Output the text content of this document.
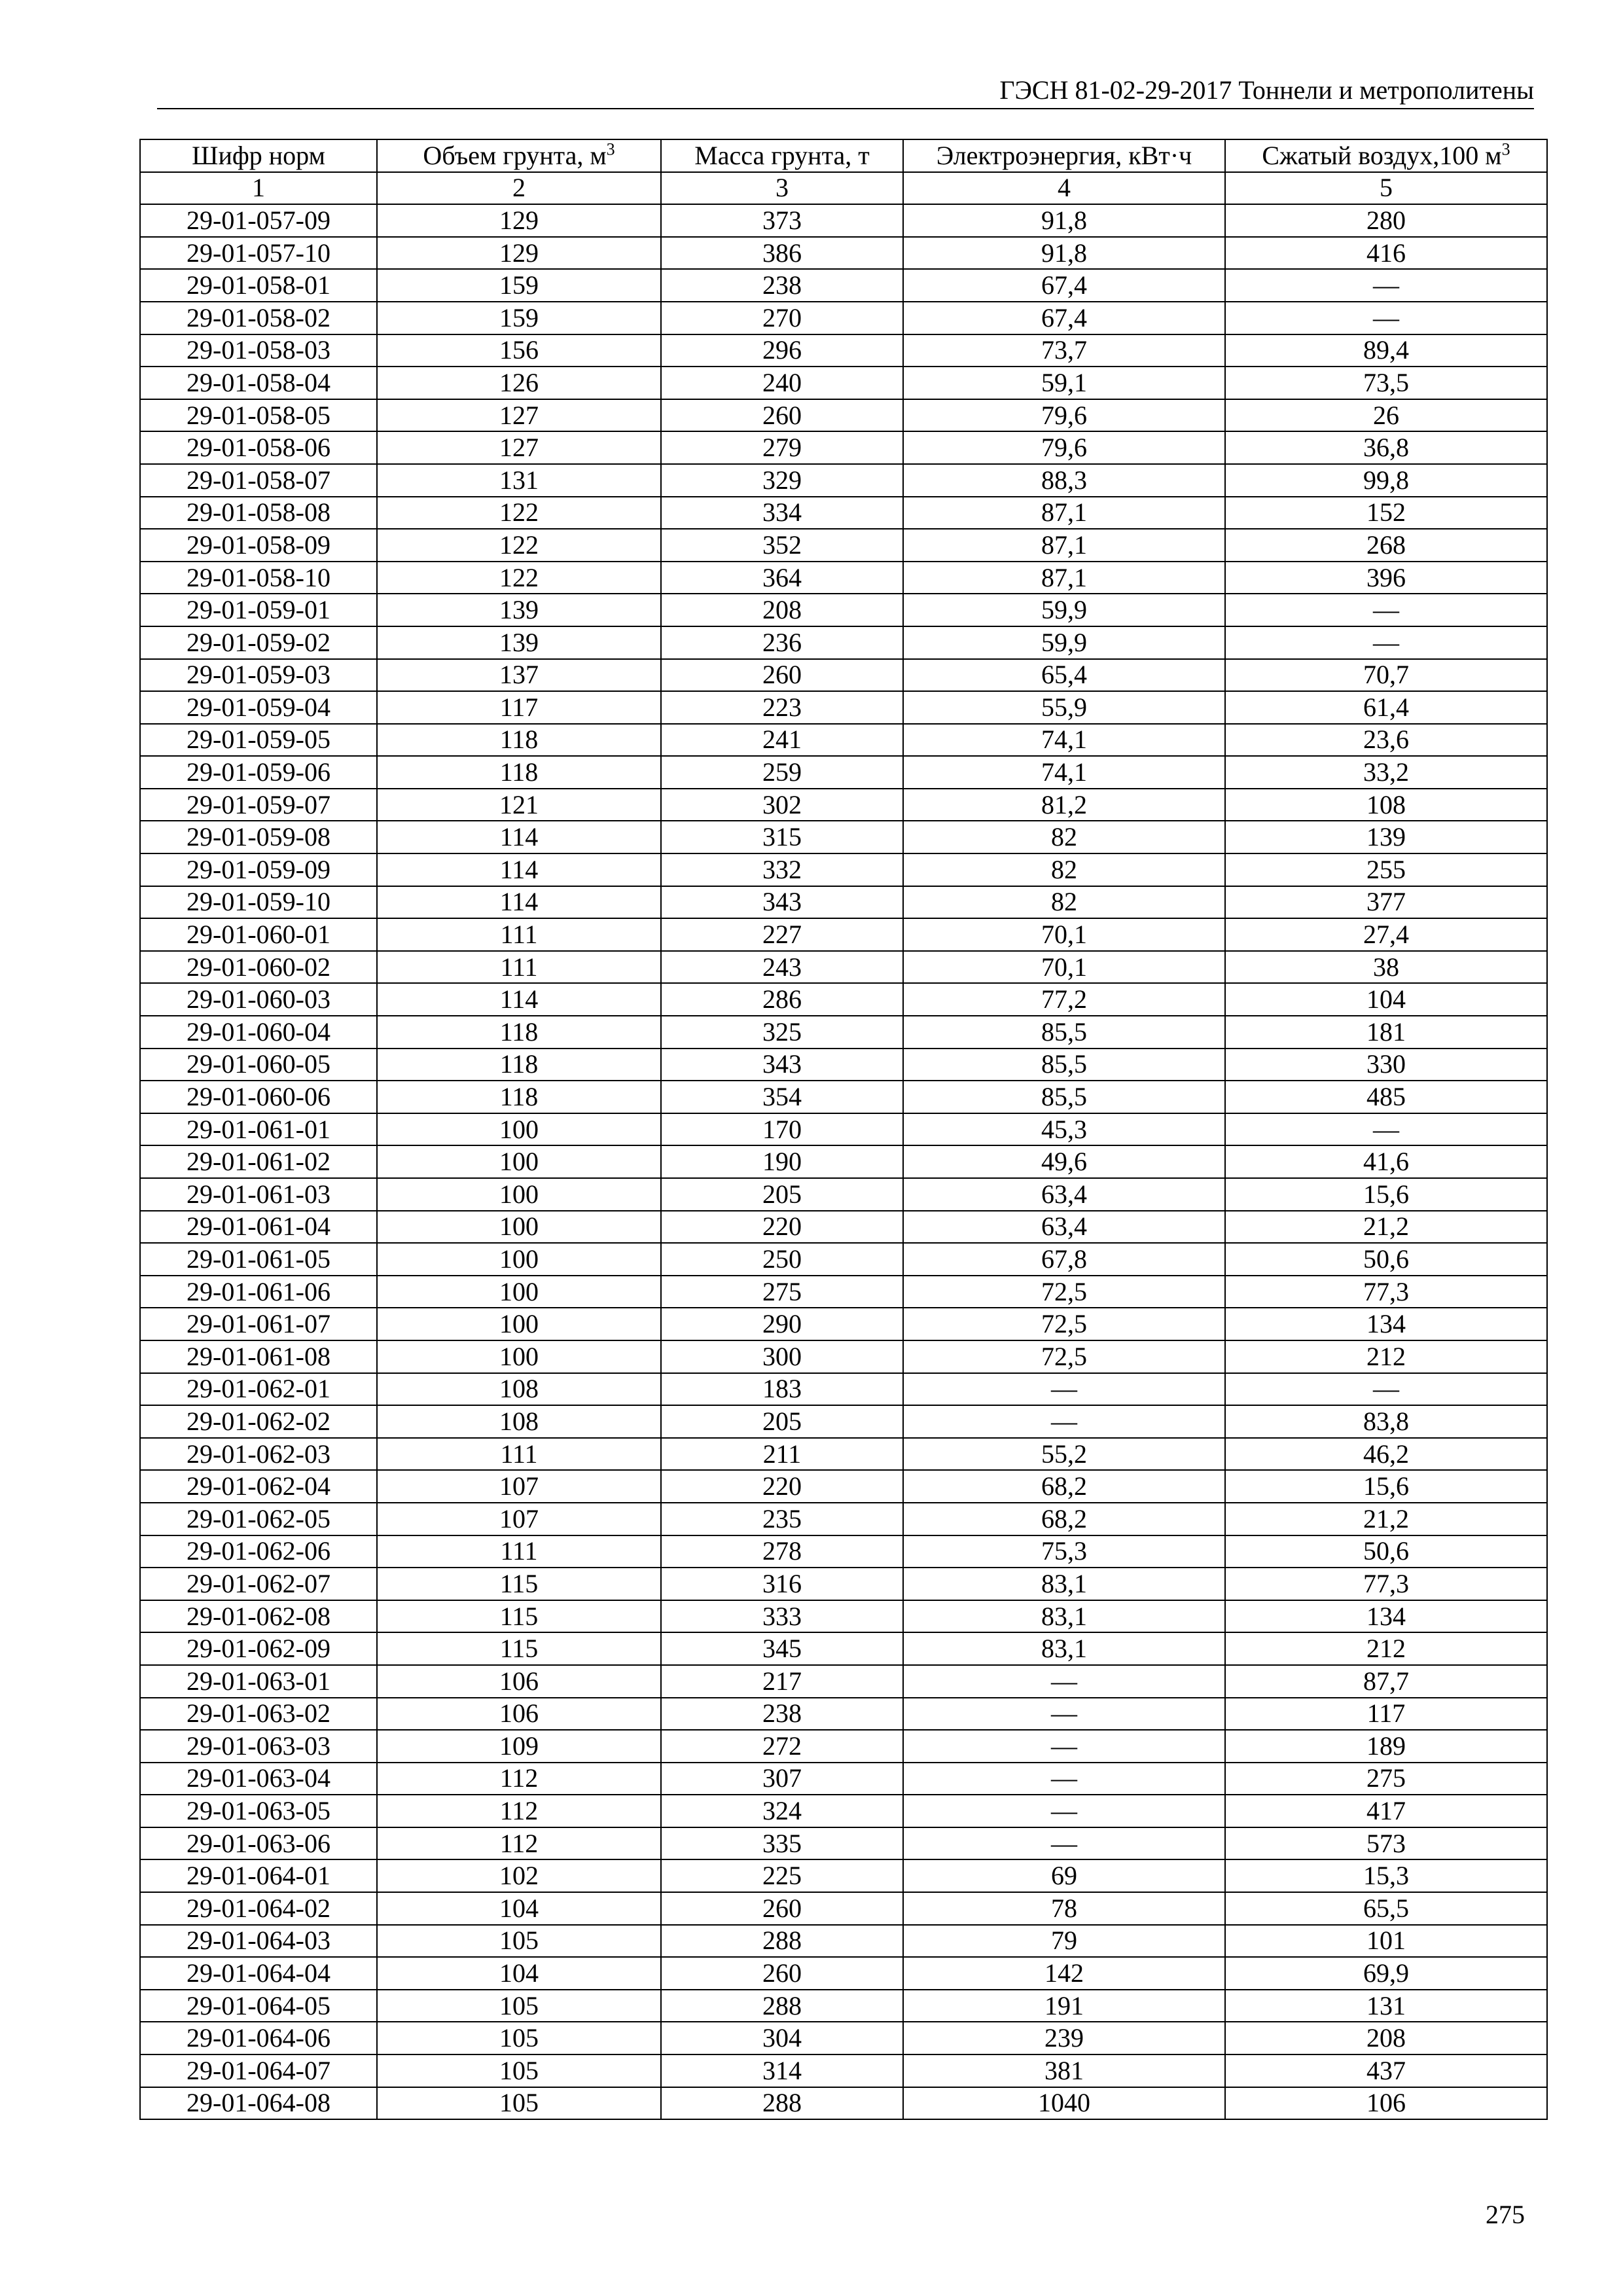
ГЭСН 81-02-29-2017 Тоннели и метрополитены
Шифр норм	Объем грунта, $м^3$	Масса грунта, т	Электроэнергия, кВт·ч	Сжатый воздух,100 $м^3$
1	2	3	4	5
29-01-057-09	129	373	91,8	280
29-01-057-10	129	386	91,8	416
29-01-058-01	159	238	67,4	—
29-01-058-02	159	270	67,4	—
29-01-058-03	156	296	73,7	89,4
29-01-058-04	126	240	59,1	73,5
29-01-058-05	127	260	79,6	26
29-01-058-06	127	279	79,6	36,8
29-01-058-07	131	329	88,3	99,8
29-01-058-08	122	334	87,1	152
29-01-058-09	122	352	87,1	268
29-01-058-10	122	364	87,1	396
29-01-059-01	139	208	59,9	—
29-01-059-02	139	236	59,9	—
29-01-059-03	137	260	65,4	70,7
29-01-059-04	117	223	55,9	61,4
29-01-059-05	118	241	74,1	23,6
29-01-059-06	118	259	74,1	33,2
29-01-059-07	121	302	81,2	108
29-01-059-08	114	315	82	139
29-01-059-09	114	332	82	255
29-01-059-10	114	343	82	377
29-01-060-01	111	227	70,1	27,4
29-01-060-02	111	243	70,1	38
29-01-060-03	114	286	77,2	104
29-01-060-04	118	325	85,5	181
29-01-060-05	118	343	85,5	330
29-01-060-06	118	354	85,5	485
29-01-061-01	100	170	45,3	—
29-01-061-02	100	190	49,6	41,6
29-01-061-03	100	205	63,4	15,6
29-01-061-04	100	220	63,4	21,2
29-01-061-05	100	250	67,8	50,6
29-01-061-06	100	275	72,5	77,3
29-01-061-07	100	290	72,5	134
29-01-061-08	100	300	72,5	212
29-01-062-01	108	183	—	—
29-01-062-02	108	205	—	83,8
29-01-062-03	111	211	55,2	46,2
29-01-062-04	107	220	68,2	15,6
29-01-062-05	107	235	68,2	21,2
29-01-062-06	111	278	75,3	50,6
29-01-062-07	115	316	83,1	77,3
29-01-062-08	115	333	83,1	134
29-01-062-09	115	345	83,1	212
29-01-063-01	106	217	—	87,7
29-01-063-02	106	238	—	117
29-01-063-03	109	272	—	189
29-01-063-04	112	307	—	275
29-01-063-05	112	324	—	417
29-01-063-06	112	335	—	573
29-01-064-01	102	225	69	15,3
29-01-064-02	104	260	78	65,5
29-01-064-03	105	288	79	101
29-01-064-04	104	260	142	69,9
29-01-064-05	105	288	191	131
29-01-064-06	105	304	239	208
29-01-064-07	105	314	381	437
29-01-064-08	105	288	1040	106
275
